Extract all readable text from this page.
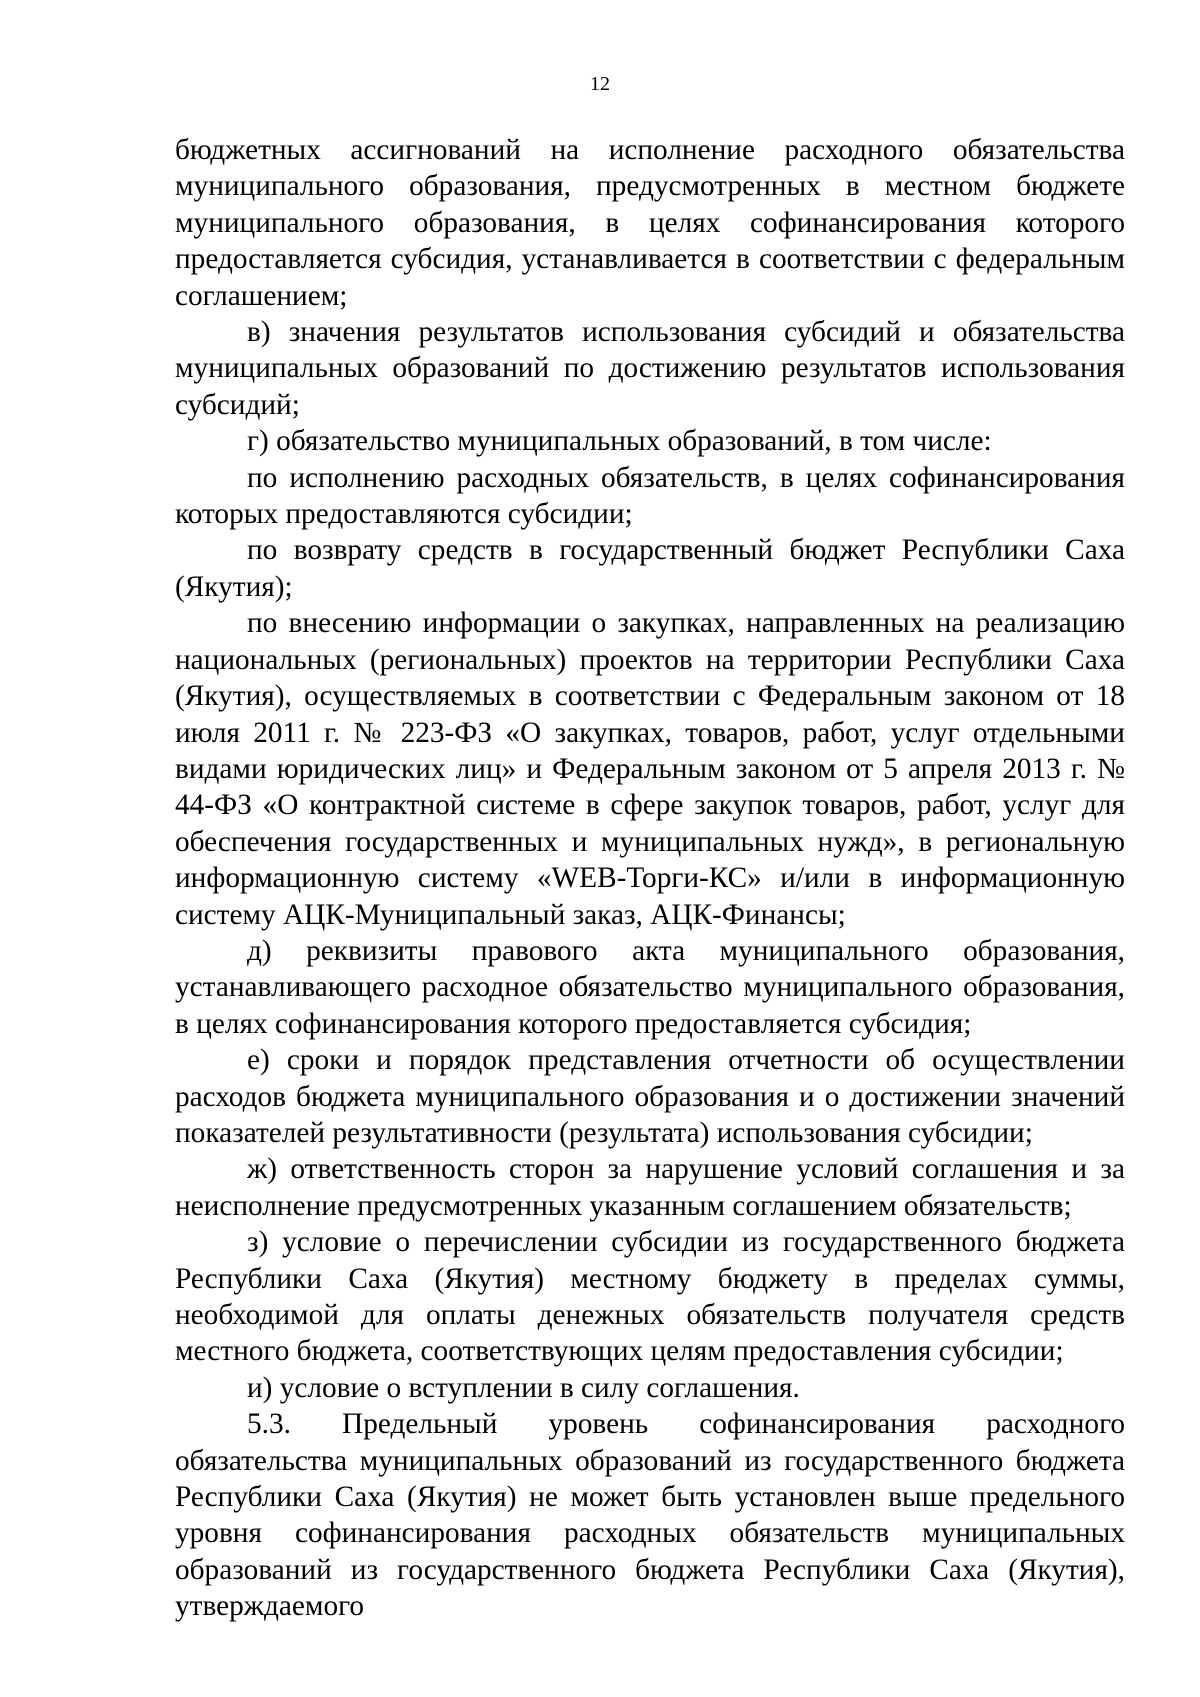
12

бюджетных ассигнований на исполнение расходного обязательства муниципального образования, предусмотренных в местном бюджете муниципального образования, в целях софинансирования которого предоставляется субсидия, устанавливается в соответствии с федеральным соглашением;

в) значения результатов использования субсидий и обязательства муниципальных образований по достижению результатов использования субсидий;

г) обязательство муниципальных образований, в том числе:

по исполнению расходных обязательств, в целях софинансирования которых предоставляются субсидии;

по возврату средств в государственный бюджет Республики Саха (Якутия);

по внесению информации о закупках, направленных на реализацию национальных (региональных) проектов на территории Республики Саха (Якутия), осуществляемых в соответствии с Федеральным законом от 18 июля 2011 г. № 223-ФЗ «О закупках, товаров, работ, услуг отдельными видами юридических лиц» и Федеральным законом от 5 апреля 2013 г. № 44-ФЗ «О контрактной системе в сфере закупок товаров, работ, услуг для обеспечения государственных и муниципальных нужд», в региональную информационную систему «WEB-Торги-КС» и/или в информационную систему АЦК-Муниципальный заказ, АЦК-Финансы;

д) реквизиты правового акта муниципального образования, устанавливающего расходное обязательство муниципального образования, в целях софинансирования которого предоставляется субсидия;

е) сроки и порядок представления отчетности об осуществлении расходов бюджета муниципального образования и о достижении значений показателей результативности (результата) использования субсидии;

ж) ответственность сторон за нарушение условий соглашения и за неисполнение предусмотренных указанным соглашением обязательств;

з) условие о перечислении субсидии из государственного бюджета Республики Саха (Якутия) местному бюджету в пределах суммы, необходимой для оплаты денежных обязательств получателя средств местного бюджета, соответствующих целям предоставления субсидии;

и) условие о вступлении в силу соглашения.

5.3. Предельный уровень софинансирования расходного обязательства муниципальных образований из государственного бюджета Республики Саха (Якутия) не может быть установлен выше предельного уровня софинансирования расходных обязательств муниципальных образований из государственного бюджета Республики Саха (Якутия), утверждаемого
